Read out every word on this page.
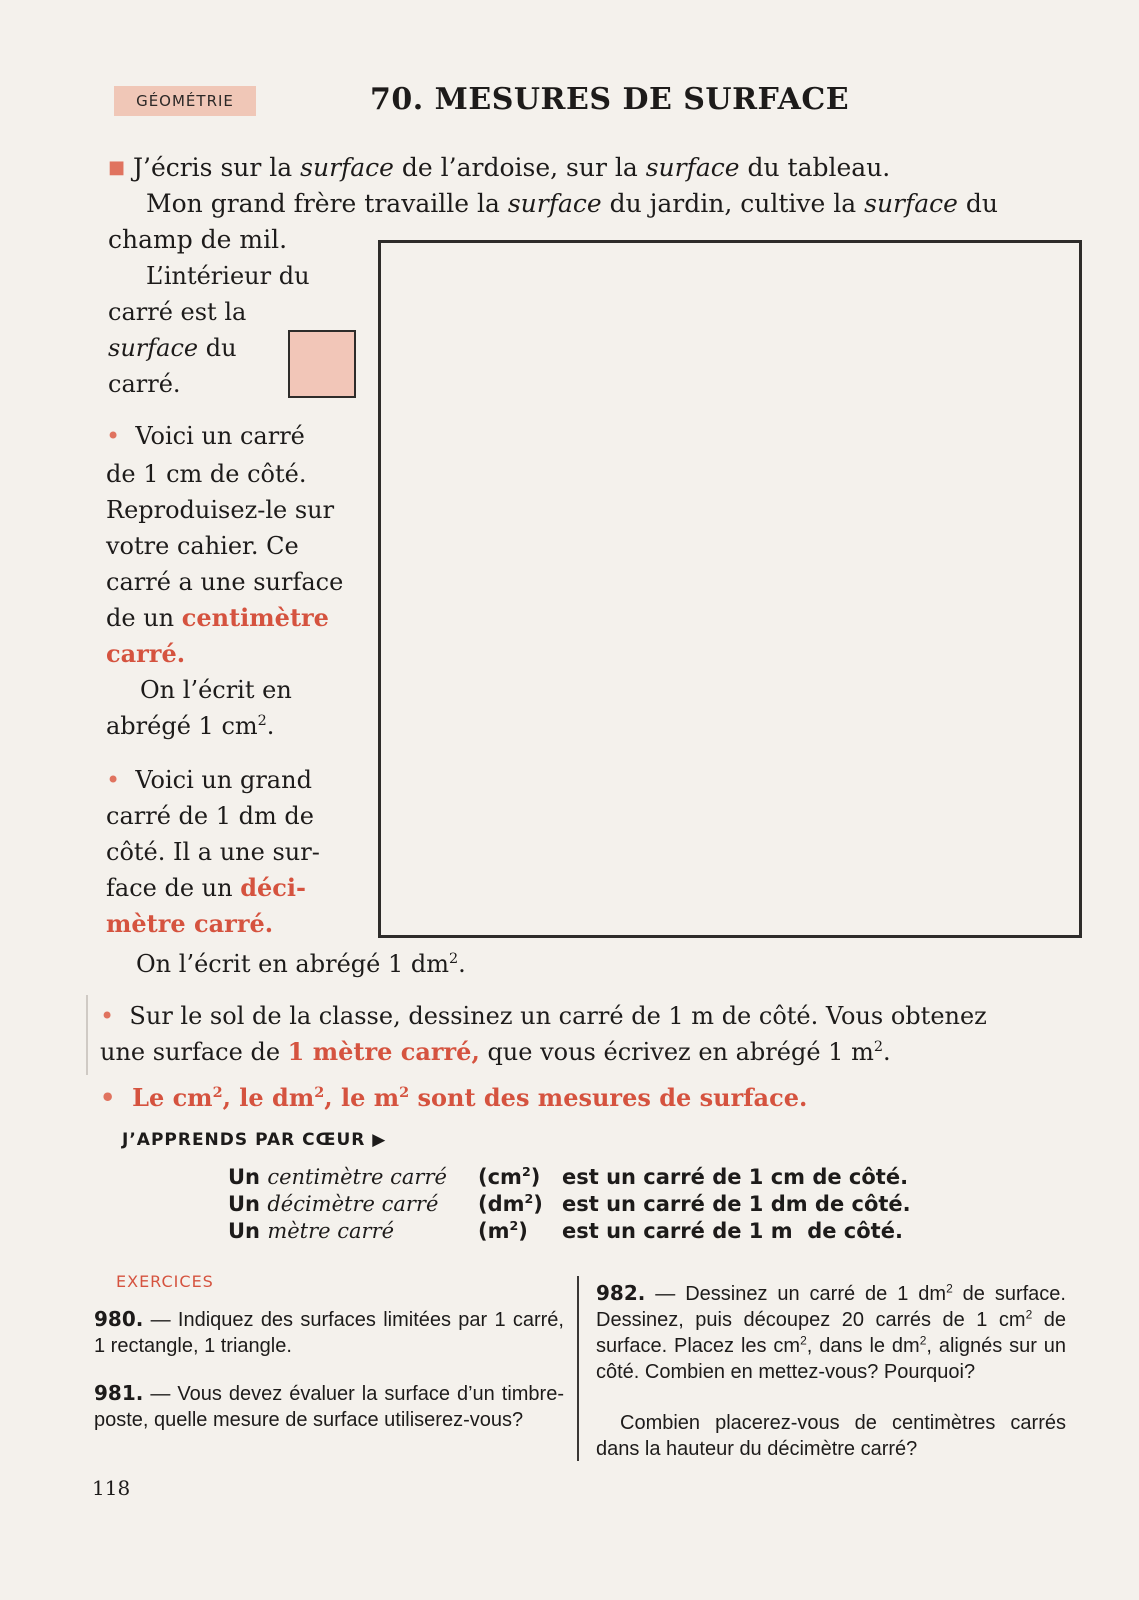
GÉOMÉTRIE	70. MESURES DE SURFACE
■ J’écris sur la surface de l’ardoise, sur la surface du tableau.
Mon grand frère travaille la surface du jardin, cultive la surface du
champ de mil.
L’intérieur du
carré est la
surface du
carré.
• Voici un carré
de 1 cm de côté.
Reproduisez-le sur
votre cahier. Ce
carré a une surface
de un centimètre
carré.
On l’écrit en
abrégé 1 $cm^2$.
• Voici un grand
carré de 1 dm de
côté. Il a une sur-
face de un déci-
mètre carré.
On l’écrit en abrégé 1 $dm^2$.
• Sur le sol de la classe, dessinez un carré de 1 m de côté. Vous obtenez
une surface de 1 mètre carré, que vous écrivez en abrégé 1 $m^2$.
• Le $cm^2$, le $dm^2$, le $m^2$ sont des mesures de surface.
J’APPRENDS PAR CŒUR ▶
Un centimètre carré $(cm^2)$ est un carré de 1 cm de côté.
Un décimètre carré $(dm^2)$ est un carré de 1 dm de côté.
Un mètre carré	$(m^2)$ est un carré de 1 m  de côté.
EXERCICES
980. — Indiquez des surfaces limitées par 1 carré, 1 rectangle, 1 triangle.
981. — Vous devez évaluer la surface d’un timbre-poste, quelle mesure de surface utiliserez-vous?
982. — Dessinez un carré de 1 $dm^2$ de surface. Dessinez, puis découpez 20 carrés de 1 $cm^2$ de surface. Placez les $cm^2$, dans le $dm^2$, alignés sur un côté. Combien en mettez-vous? Pourquoi?
Combien placerez-vous de centimètres carrés dans la hauteur du décimètre carré?
118
